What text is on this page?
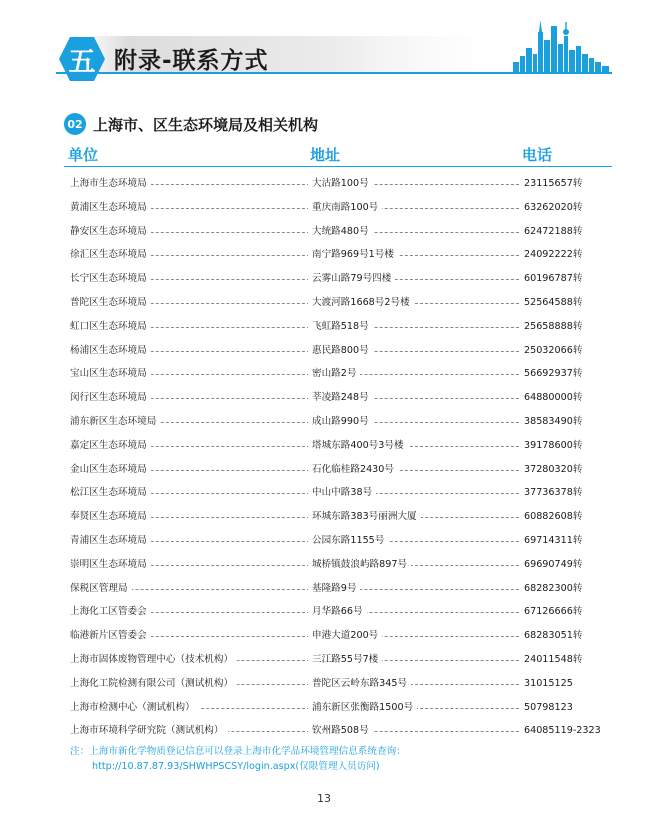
五 附录-联系方式
02 上海市、区生态环境局及相关机构
单位	地址	电话
上海市生态环境局	大沽路100号	23115657转
黄浦区生态环境局	重庆南路100号	63262020转
静安区生态环境局	大统路480号	62472188转
徐汇区生态环境局	南宁路969号1号楼	24092222转
长宁区生态环境局	云雾山路79号四楼	60196787转
普陀区生态环境局	大渡河路1668号2号楼	52564588转
虹口区生态环境局	飞虹路518号	25658888转
杨浦区生态环境局	惠民路800号	25032066转
宝山区生态环境局	密山路2号	56692937转
闵行区生态环境局	莘凌路248号	64880000转
浦东新区生态环境局	成山路990号	38583490转
嘉定区生态环境局	塔城东路400号3号楼	39178600转
金山区生态环境局	石化临桂路2430号	37280320转
松江区生态环境局	中山中路38号	37736378转
奉贤区生态环境局	环城东路383号丽洲大厦	60882608转
青浦区生态环境局	公园东路1155号	69714311转
崇明区生态环境局	城桥镇鼓浪屿路897号	69690749转
保税区管理局	基隆路9号	68282300转
上海化工区管委会	月华路66号	67126666转
临港新片区管委会	申港大道200号	68283051转
上海市固体废物管理中心（技术机构）	三江路55号7楼	24011548转
上海化工院检测有限公司（测试机构）	普陀区云岭东路345号	31015125
上海市检测中心（测试机构）	浦东新区张衡路1500号	50798123
上海市环境科学研究院（测试机构）	钦州路508号	64085119-2323
注：上海市新化学物质登记信息可以登录上海市化学品环境管理信息系统查询：
http://10.87.87.93/SHWHPSCSY/login.aspx(仅限管理人员访问)
13
